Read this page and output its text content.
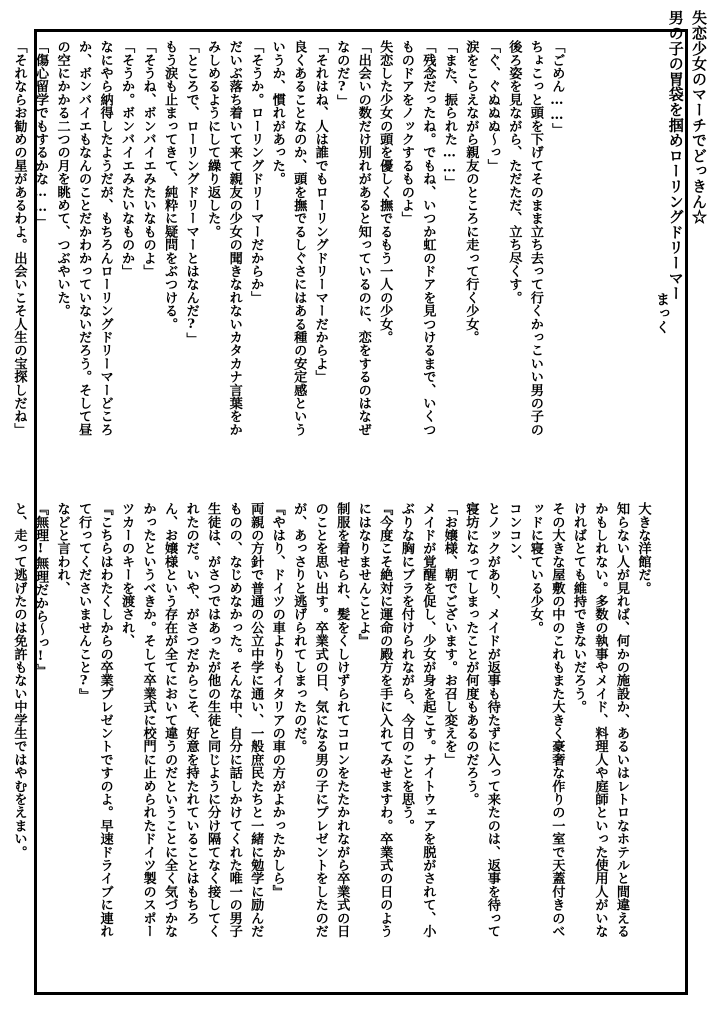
失恋少女のマーチでどっきん☆
男の子の胃袋を掴めローリングドリーマー
まっく

「ごめん……」

ちょこっと頭を下げてそのまま立ち去って行くかっこいい男の子の後ろ姿を見ながら、ただただ、立ち尽くす。

「ぐ、ぐぬぬぬ～っ」

涙をこらえながら親友のところに走って行く少女。

「また、振られた……」

「残念だったね。でもね、いつか虹のドアを見つけるまで、いくつものドアをノックするものよ」

失恋した少女の頭を優しく撫でるもう一人の少女。

「出会いの数だけ別れがあると知っているのに、恋をするのはなぜなのだ?」

「それはね、人は誰でもローリングドリーマーだからよ」

良くあることなのか、頭を撫でるしぐさにはある種の安定感といういうか、慣れがあった。

「そうか。ローリングドリーマーだからか」

だいぶ落ち着いて来て親友の少女の聞きなれないカタカナ言葉をかみしめるようにして繰り返した。

「ところで、ローリングドリーマーとはなんだ?」

もう涙も止まってきて、純粋に疑問をぶつける。

「そうね、ボンバイエみたいなものよ」

「そうか。ボンバイエみたいなものか」

なにやら納得したようだが、もちろんローリングドリーマーどころか、ボンバイエもなんのことだかわかっていないだろう。そして昼の空にかかる二つの月を眺めて、つぶやいた。

「傷心留学でもするかな……」

「それならお勧めの星があるわよ。出会いこそ人生の宝探しだね」

大きな洋館だ。

知らない人が見れば、何かの施設か、あるいはレトロなホテルと間違えるかもしれない。多数の執事やメイド、料理人や庭師といった使用人がいなければとても維持できないだろう。

その大きな屋敷の中のこれもまた大きく豪奢な作りの一室で天蓋付きのベッドに寝ている少女。

コンコン、

とノックがあり、メイドが返事も待たずに入って来たのは、返事を待って寝坊になってしまったことが何度もあるのだろう。

「お嬢様、朝でございます。お召し変えを」

メイドが覚醒を促し、少女が身を起こす。ナイトウェアを脱がされて、小ぶりな胸にブラを付けられながら、今日のことを思う。

『今度こそ絶対に運命の殿方を手に入れてみせますわ。卒業式の日のようにはなりませんことよ』

制服を着せられ、髪をくしけずられてコロンをたたかれながら卒業式の日のことを思い出す。卒業式の日、気になる男の子にプレゼントをしたのだが、あっさりと逃げられてしまったのだ。

『やはり、ドイツの車よりもイタリアの車の方がよかったかしら』

両親の方針で普通の公立中学に通い、一般庶民たちと一緒に勉学に励んだものの、なじめなかった。そんな中、自分に話しかけてくれた唯一の男子生徒は、がさつではあったが他の生徒と同じように分け隔てなく接してくれたのだ。いや、がさつだからこそ、好意を持たれていることはもちろん、お嬢様という存在が全てにおいて違うのだということに全く気づかなかったというべきか。そして卒業式に校門に止められたドイツ製のスポーツカーのキーを渡され、

『こちらはわたくしからの卒業プレゼントですのよ。早速ドライブに連れて行ってくださいませんこと?』

などと言われ、

『無理!無理だから～っ!』

と、走って逃げたのは免許もない中学生ではやむをえまい。
